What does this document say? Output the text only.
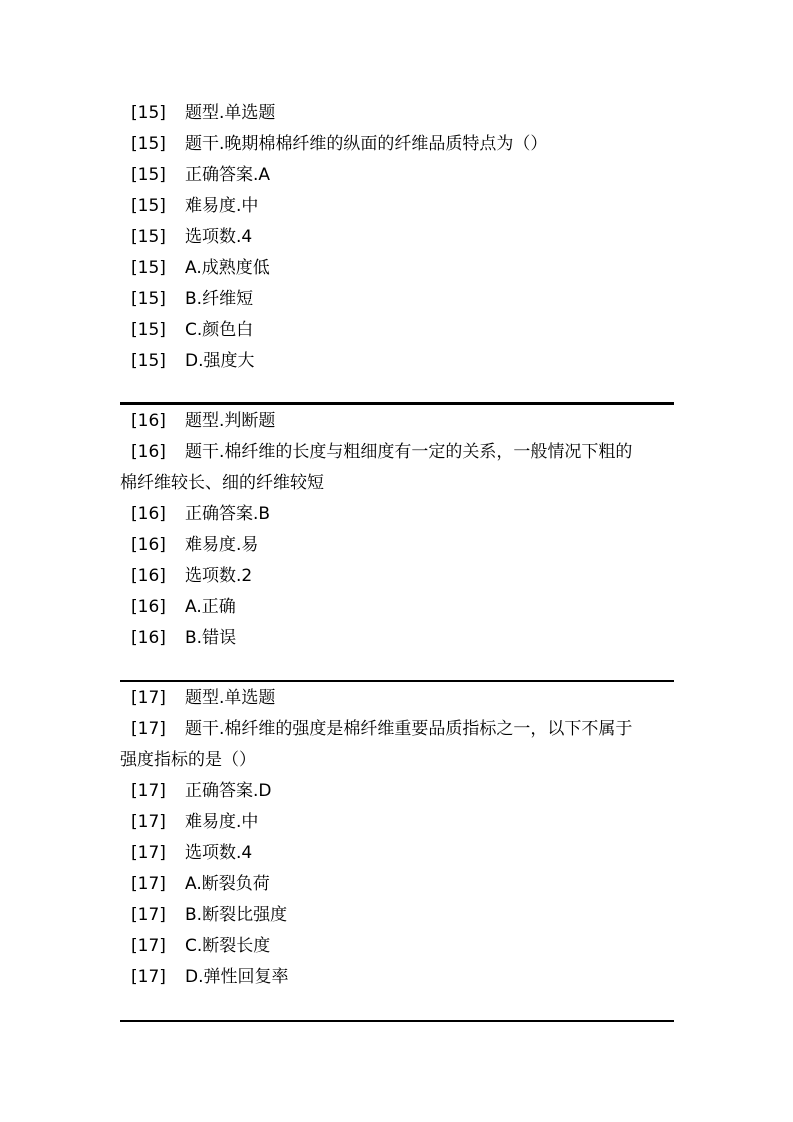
[15] 题型.单选题
[15] 题干.晚期棉棉纤维的纵面的纤维品质特点为（）
[15] 正确答案.A
[15] 难易度.中
[15] 选项数.4
[15] A.成熟度低
[15] B.纤维短
[15] C.颜色白
[15] D.强度大
[16] 题型.判断题
[16] 题干.棉纤维的长度与粗细度有一定的关系，一般情况下粗的
棉纤维较长、细的纤维较短
[16] 正确答案.B
[16] 难易度.易
[16] 选项数.2
[16] A.正确
[16] B.错误
[17] 题型.单选题
[17] 题干.棉纤维的强度是棉纤维重要品质指标之一，以下不属于
强度指标的是（）
[17] 正确答案.D
[17] 难易度.中
[17] 选项数.4
[17] A.断裂负荷
[17] B.断裂比强度
[17] C.断裂长度
[17] D.弹性回复率
